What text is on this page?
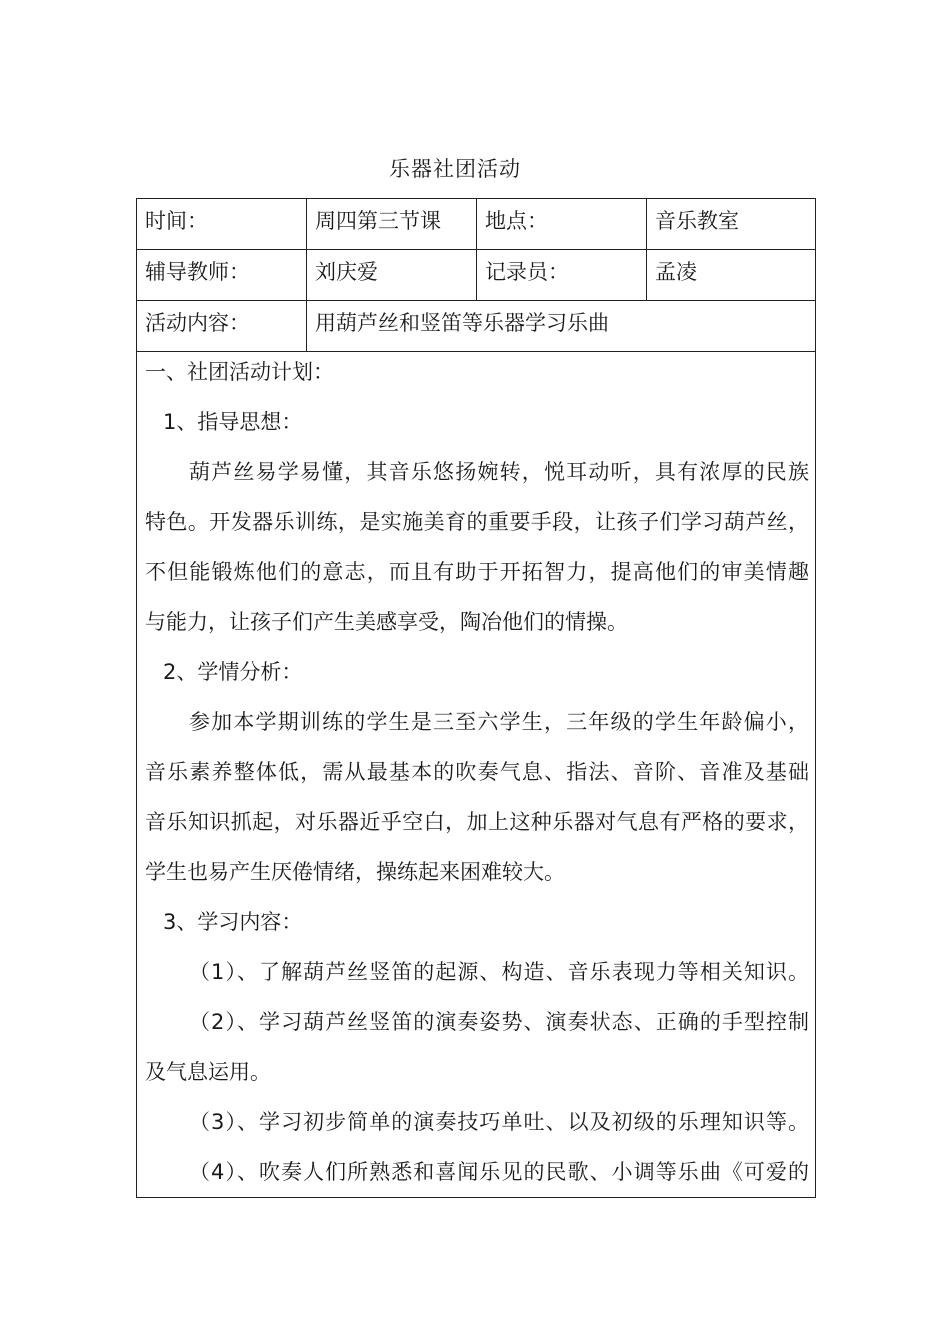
乐器社团活动
时间：	周四第三节课	地点：	音乐教室
辅导教师：	刘庆爱	记录员：	孟凌
活动内容：	用葫芦丝和竖笛等乐器学习乐曲
一、社团活动计划：
1、指导思想：
葫芦丝易学易懂，其音乐悠扬婉转，悦耳动听，具有浓厚的民族
特色。开发器乐训练，是实施美育的重要手段，让孩子们学习葫芦丝，
不但能锻炼他们的意志，而且有助于开拓智力，提高他们的审美情趣
与能力，让孩子们产生美感享受，陶冶他们的情操。
2、学情分析：
参加本学期训练的学生是三至六学生，三年级的学生年龄偏小，
音乐素养整体低，需从最基本的吹奏气息、指法、音阶、音准及基础
音乐知识抓起，对乐器近乎空白，加上这种乐器对气息有严格的要求，
学生也易产生厌倦情绪，操练起来困难较大。
3、学习内容：
（1）、了解葫芦丝竖笛的起源、构造、音乐表现力等相关知识。
（2）、学习葫芦丝竖笛的演奏姿势、演奏状态、正确的手型控制
及气息运用。
（3）、学习初步简单的演奏技巧单吐、以及初级的乐理知识等。
（4）、吹奏人们所熟悉和喜闻乐见的民歌、小调等乐曲《可爱的
